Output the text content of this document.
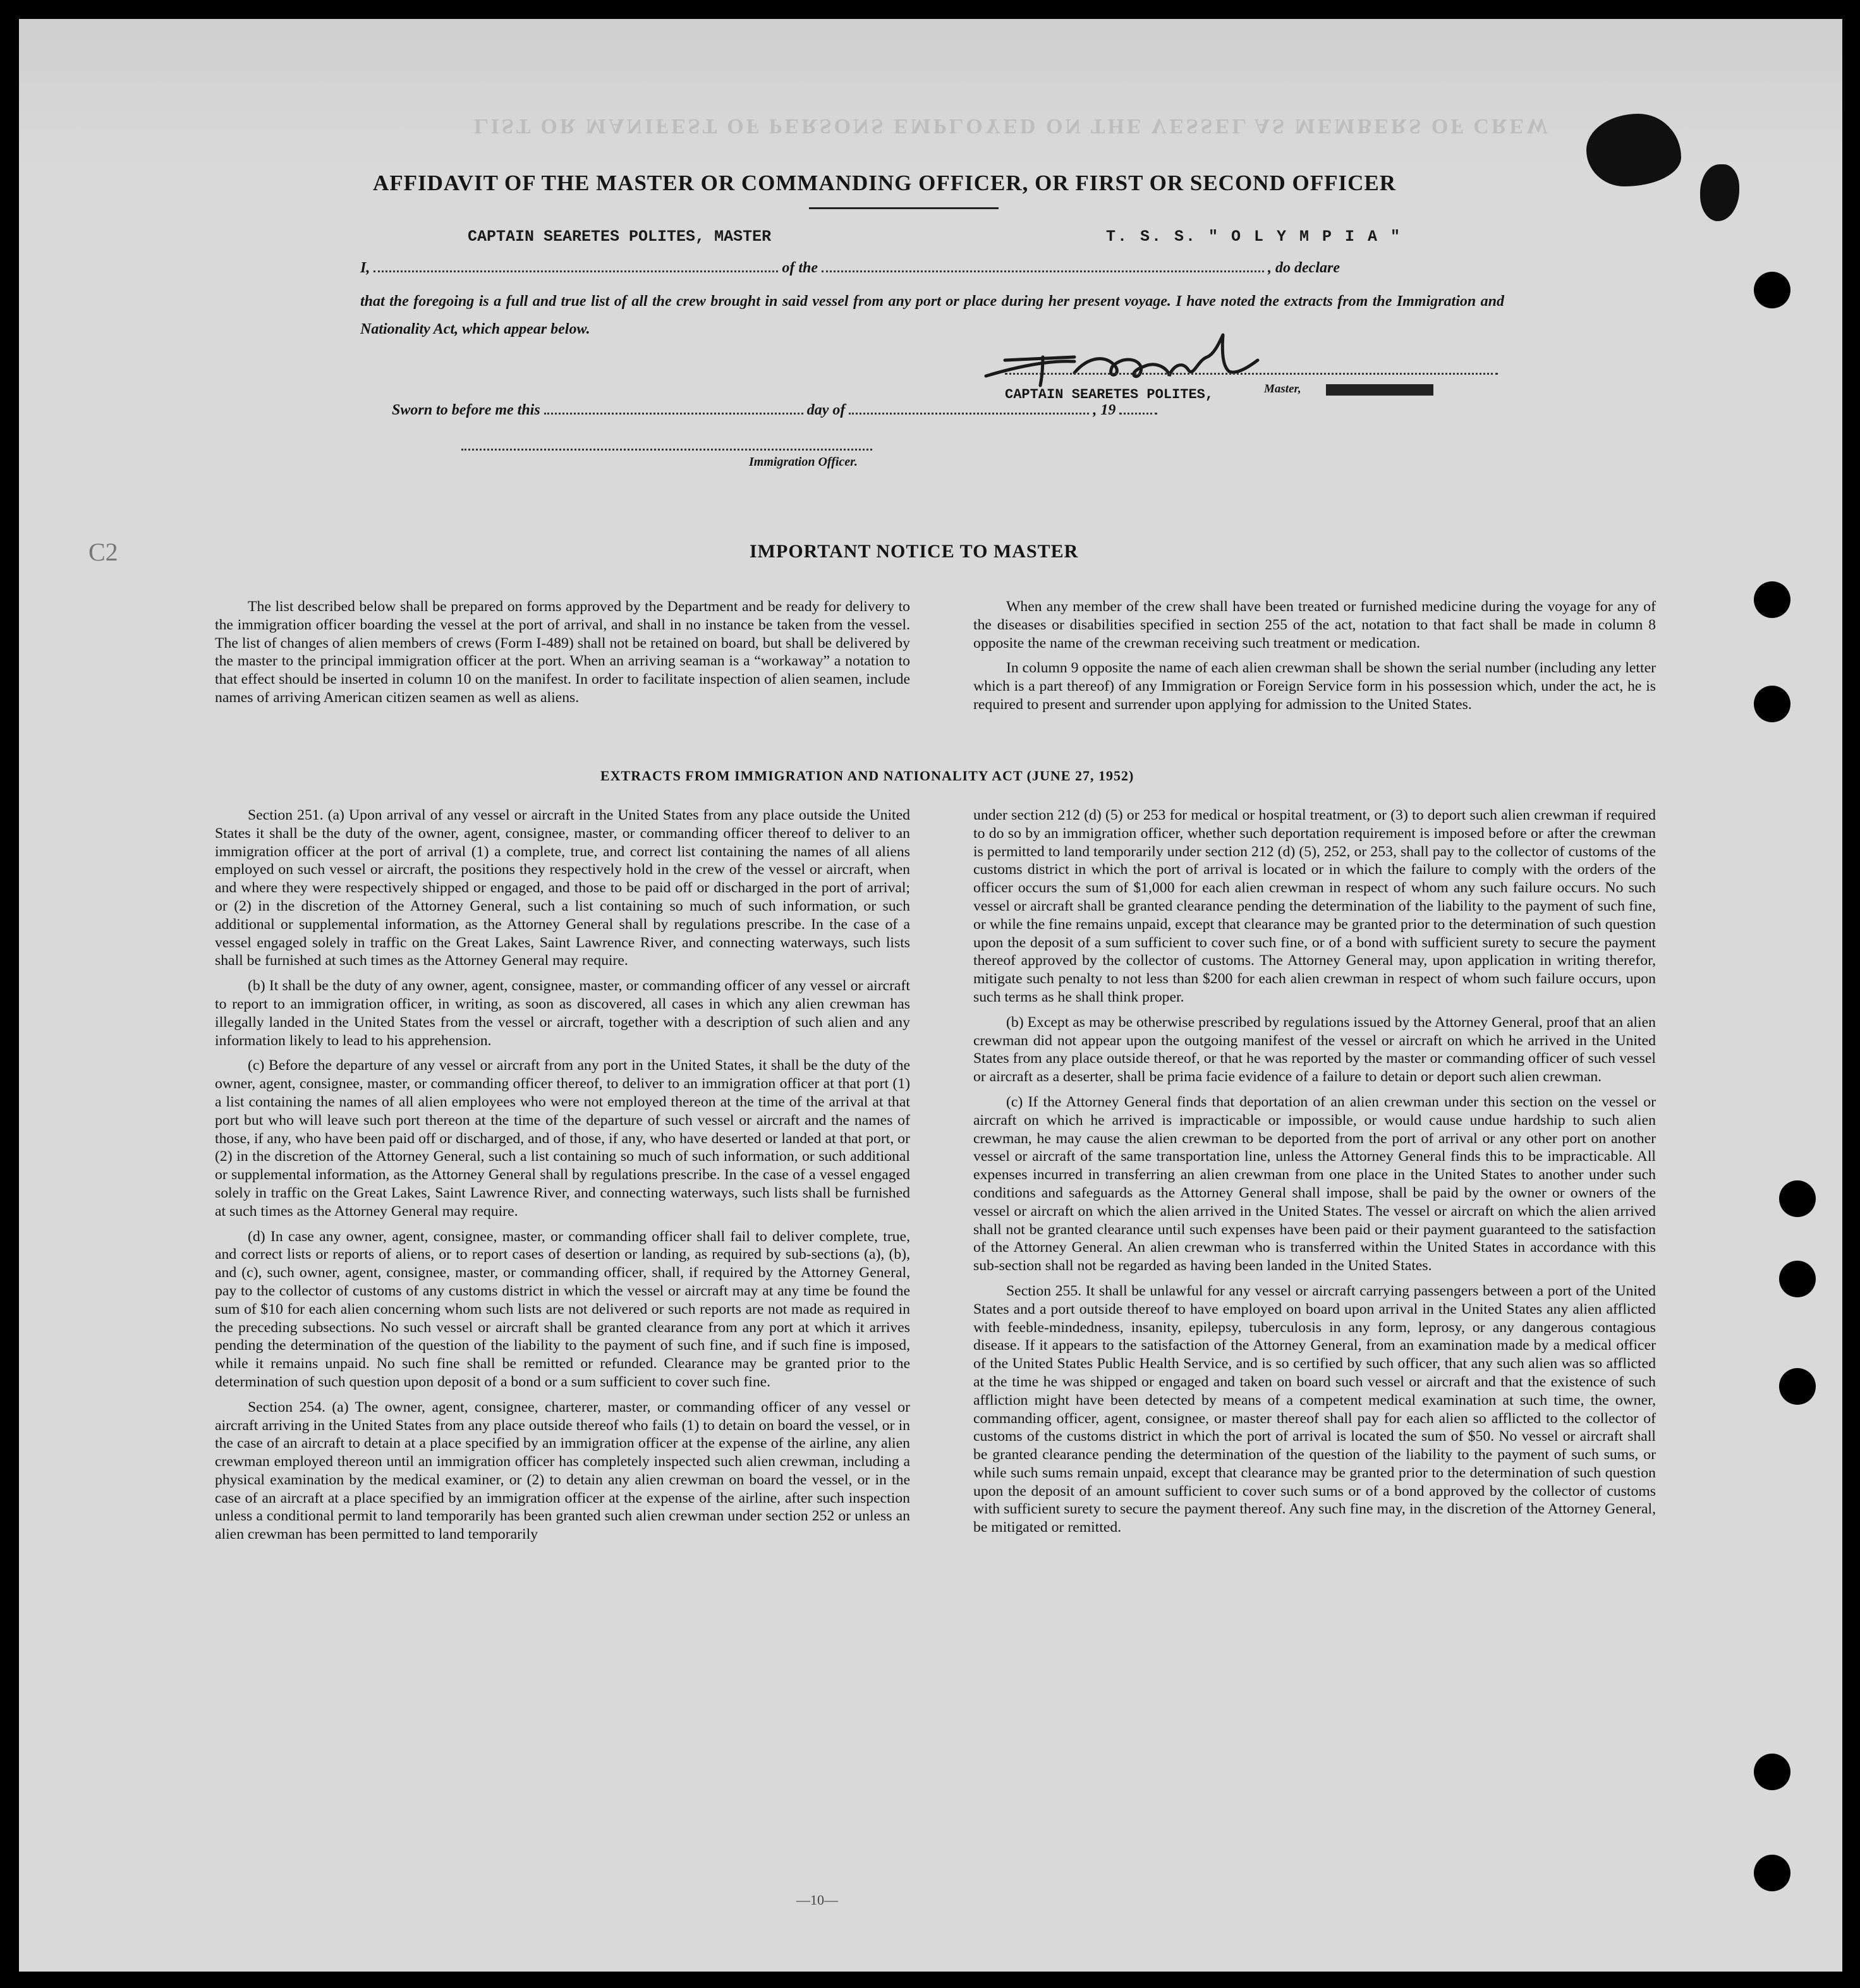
LIST OR MANIFEST OF PERSONS EMPLOYED ON THE VESSEL AS MEMBERS OF CREW
AFFIDAVIT OF THE MASTER OR COMMANDING OFFICER, OR FIRST OR SECOND OFFICER
CAPTAIN SEARETES POLITES, MASTER	T. S. S. " O L Y M P I A "
I,	of the	, do declare
that the foregoing is a full and true list of all the crew brought in said vessel from any port or place during her present voyage. I have noted the extracts from the Immigration and Nationality Act, which appear below.
CAPTAIN SEARETES POLITES,	Master,
Sworn to before me this	day of	, 19
Immigration Officer.
IMPORTANT NOTICE TO MASTER

The list described below shall be prepared on forms approved by the Department and be ready for delivery to the immigration officer boarding the vessel at the port of arrival, and shall in no instance be taken from the vessel. The list of changes of alien members of crews (Form I-489) shall not be retained on board, but shall be delivered by the master to the principal immigration officer at the port. When an arriving seaman is a “workaway” a notation to that effect should be inserted in column 10 on the manifest. In order to facilitate inspection of alien seamen, include names of arriving American citizen seamen as well as aliens.

When any member of the crew shall have been treated or furnished medicine during the voyage for any of the diseases or disabilities specified in section 255 of the act, notation to that fact shall be made in column 8 opposite the name of the crewman receiving such treatment or medication.

In column 9 opposite the name of each alien crewman shall be shown the serial number (including any letter which is a part thereof) of any Immigration or Foreign Service form in his possession which, under the act, he is required to present and surrender upon applying for admission to the United States.

EXTRACTS FROM IMMIGRATION AND NATIONALITY ACT (JUNE 27, 1952)

Section 251. (a) Upon arrival of any vessel or aircraft in the United States from any place outside the United States it shall be the duty of the owner, agent, consignee, master, or commanding officer thereof to deliver to an immigration officer at the port of arrival (1) a complete, true, and correct list containing the names of all aliens employed on such vessel or aircraft, the positions they respectively hold in the crew of the vessel or aircraft, when and where they were respectively shipped or engaged, and those to be paid off or discharged in the port of arrival; or (2) in the discretion of the Attorney General, such a list containing so much of such information, or such additional or supplemental information, as the Attorney General shall by regulations prescribe. In the case of a vessel engaged solely in traffic on the Great Lakes, Saint Lawrence River, and connecting waterways, such lists shall be furnished at such times as the Attorney General may require.

(b) It shall be the duty of any owner, agent, consignee, master, or commanding officer of any vessel or aircraft to report to an immigration officer, in writing, as soon as discovered, all cases in which any alien crewman has illegally landed in the United States from the vessel or aircraft, together with a description of such alien and any information likely to lead to his apprehension.

(c) Before the departure of any vessel or aircraft from any port in the United States, it shall be the duty of the owner, agent, consignee, master, or commanding officer thereof, to deliver to an immigration officer at that port (1) a list containing the names of all alien employees who were not employed thereon at the time of the arrival at that port but who will leave such port thereon at the time of the departure of such vessel or aircraft and the names of those, if any, who have been paid off or discharged, and of those, if any, who have deserted or landed at that port, or (2) in the discretion of the Attorney General, such a list containing so much of such information, or such additional or supplemental information, as the Attorney General shall by regulations prescribe. In the case of a vessel engaged solely in traffic on the Great Lakes, Saint Lawrence River, and connecting waterways, such lists shall be furnished at such times as the Attorney General may require.

(d) In case any owner, agent, consignee, master, or commanding officer shall fail to deliver complete, true, and correct lists or reports of aliens, or to report cases of desertion or landing, as required by sub-sections (a), (b), and (c), such owner, agent, consignee, master, or commanding officer, shall, if required by the Attorney General, pay to the collector of customs of any customs district in which the vessel or aircraft may at any time be found the sum of $10 for each alien concerning whom such lists are not delivered or such reports are not made as required in the preceding subsections. No such vessel or aircraft shall be granted clearance from any port at which it arrives pending the determination of the question of the liability to the payment of such fine, and if such fine is imposed, while it remains unpaid. No such fine shall be remitted or refunded. Clearance may be granted prior to the determination of such question upon deposit of a bond or a sum sufficient to cover such fine.

Section 254. (a) The owner, agent, consignee, charterer, master, or commanding officer of any vessel or aircraft arriving in the United States from any place outside thereof who fails (1) to detain on board the vessel, or in the case of an aircraft to detain at a place specified by an immigration officer at the expense of the airline, any alien crewman employed thereon until an immigration officer has completely inspected such alien crewman, including a physical examination by the medical examiner, or (2) to detain any alien crewman on board the vessel, or in the case of an aircraft at a place specified by an immigration officer at the expense of the airline, after such inspection unless a conditional permit to land temporarily has been granted such alien crewman under section 252 or unless an alien crewman has been permitted to land temporarily

under section 212 (d) (5) or 253 for medical or hospital treatment, or (3) to deport such alien crewman if required to do so by an immigration officer, whether such deportation requirement is imposed before or after the crewman is permitted to land temporarily under section 212 (d) (5), 252, or 253, shall pay to the collector of customs of the customs district in which the port of arrival is located or in which the failure to comply with the orders of the officer occurs the sum of $1,000 for each alien crewman in respect of whom any such failure occurs. No such vessel or aircraft shall be granted clearance pending the determination of the liability to the payment of such fine, or while the fine remains unpaid, except that clearance may be granted prior to the determination of such question upon the deposit of a sum sufficient to cover such fine, or of a bond with sufficient surety to secure the payment thereof approved by the collector of customs. The Attorney General may, upon application in writing therefor, mitigate such penalty to not less than $200 for each alien crewman in respect of whom such failure occurs, upon such terms as he shall think proper.

(b) Except as may be otherwise prescribed by regulations issued by the Attorney General, proof that an alien crewman did not appear upon the outgoing manifest of the vessel or aircraft on which he arrived in the United States from any place outside thereof, or that he was reported by the master or commanding officer of such vessel or aircraft as a deserter, shall be prima facie evidence of a failure to detain or deport such alien crewman.

(c) If the Attorney General finds that deportation of an alien crewman under this section on the vessel or aircraft on which he arrived is impracticable or impossible, or would cause undue hardship to such alien crewman, he may cause the alien crewman to be deported from the port of arrival or any other port on another vessel or aircraft of the same transportation line, unless the Attorney General finds this to be impracticable. All expenses incurred in transferring an alien crewman from one place in the United States to another under such conditions and safeguards as the Attorney General shall impose, shall be paid by the owner or owners of the vessel or aircraft on which the alien arrived in the United States. The vessel or aircraft on which the alien arrived shall not be granted clearance until such expenses have been paid or their payment guaranteed to the satisfaction of the Attorney General. An alien crewman who is transferred within the United States in accordance with this sub-section shall not be regarded as having been landed in the United States.

Section 255. It shall be unlawful for any vessel or aircraft carrying passengers between a port of the United States and a port outside thereof to have employed on board upon arrival in the United States any alien afflicted with feeble-mindedness, insanity, epilepsy, tuberculosis in any form, leprosy, or any dangerous contagious disease. If it appears to the satisfaction of the Attorney General, from an examination made by a medical officer of the United States Public Health Service, and is so certified by such officer, that any such alien was so afflicted at the time he was shipped or engaged and taken on board such vessel or aircraft and that the existence of such affliction might have been detected by means of a competent medical examination at such time, the owner, commanding officer, agent, consignee, or master thereof shall pay for each alien so afflicted to the collector of customs of the customs district in which the port of arrival is located the sum of $50. No vessel or aircraft shall be granted clearance pending the determination of the question of the liability to the payment of such sums, or while such sums remain unpaid, except that clearance may be granted prior to the determination of such question upon the deposit of an amount sufficient to cover such sums or of a bond approved by the collector of customs with sufficient surety to secure the payment thereof. Any such fine may, in the discretion of the Attorney General, be mitigated or remitted.

C2
—10—
